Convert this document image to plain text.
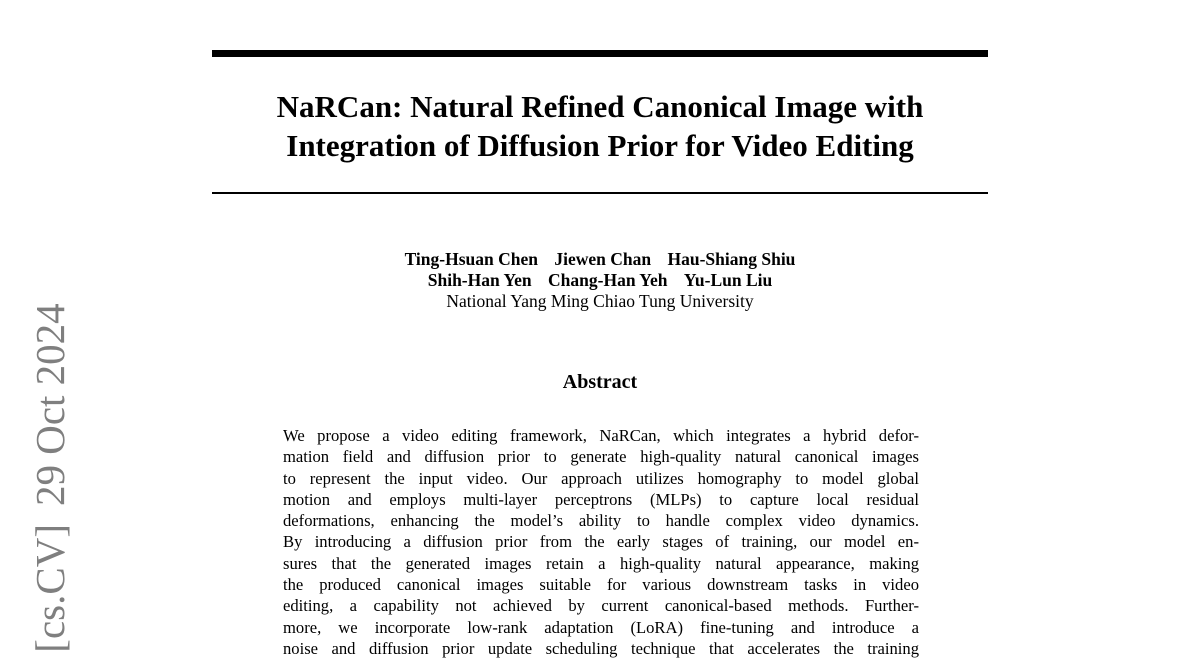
[cs.CV]29 Oct 2024
NaRCan: Natural Refined Canonical Image with
Integration of Diffusion Prior for Video Editing
Ting-Hsuan Chen Jiewen Chan Hau-Shiang Shiu
Shih-Han Yen Chang-Han Yeh Yu-Lun Liu
National Yang Ming Chiao Tung University
Abstract
We propose a video editing framework, NaRCan, which integrates a hybrid defor-
mation field and diffusion prior to generate high-quality natural canonical images
to represent the input video. Our approach utilizes homography to model global
motion and employs multi-layer perceptrons (MLPs) to capture local residual
deformations, enhancing the model’s ability to handle complex video dynamics.
By introducing a diffusion prior from the early stages of training, our model en-
sures that the generated images retain a high-quality natural appearance, making
the produced canonical images suitable for various downstream tasks in video
editing, a capability not achieved by current canonical-based methods. Further-
more, we incorporate low-rank adaptation (LoRA) fine-tuning and introduce a
noise and diffusion prior update scheduling technique that accelerates the training
